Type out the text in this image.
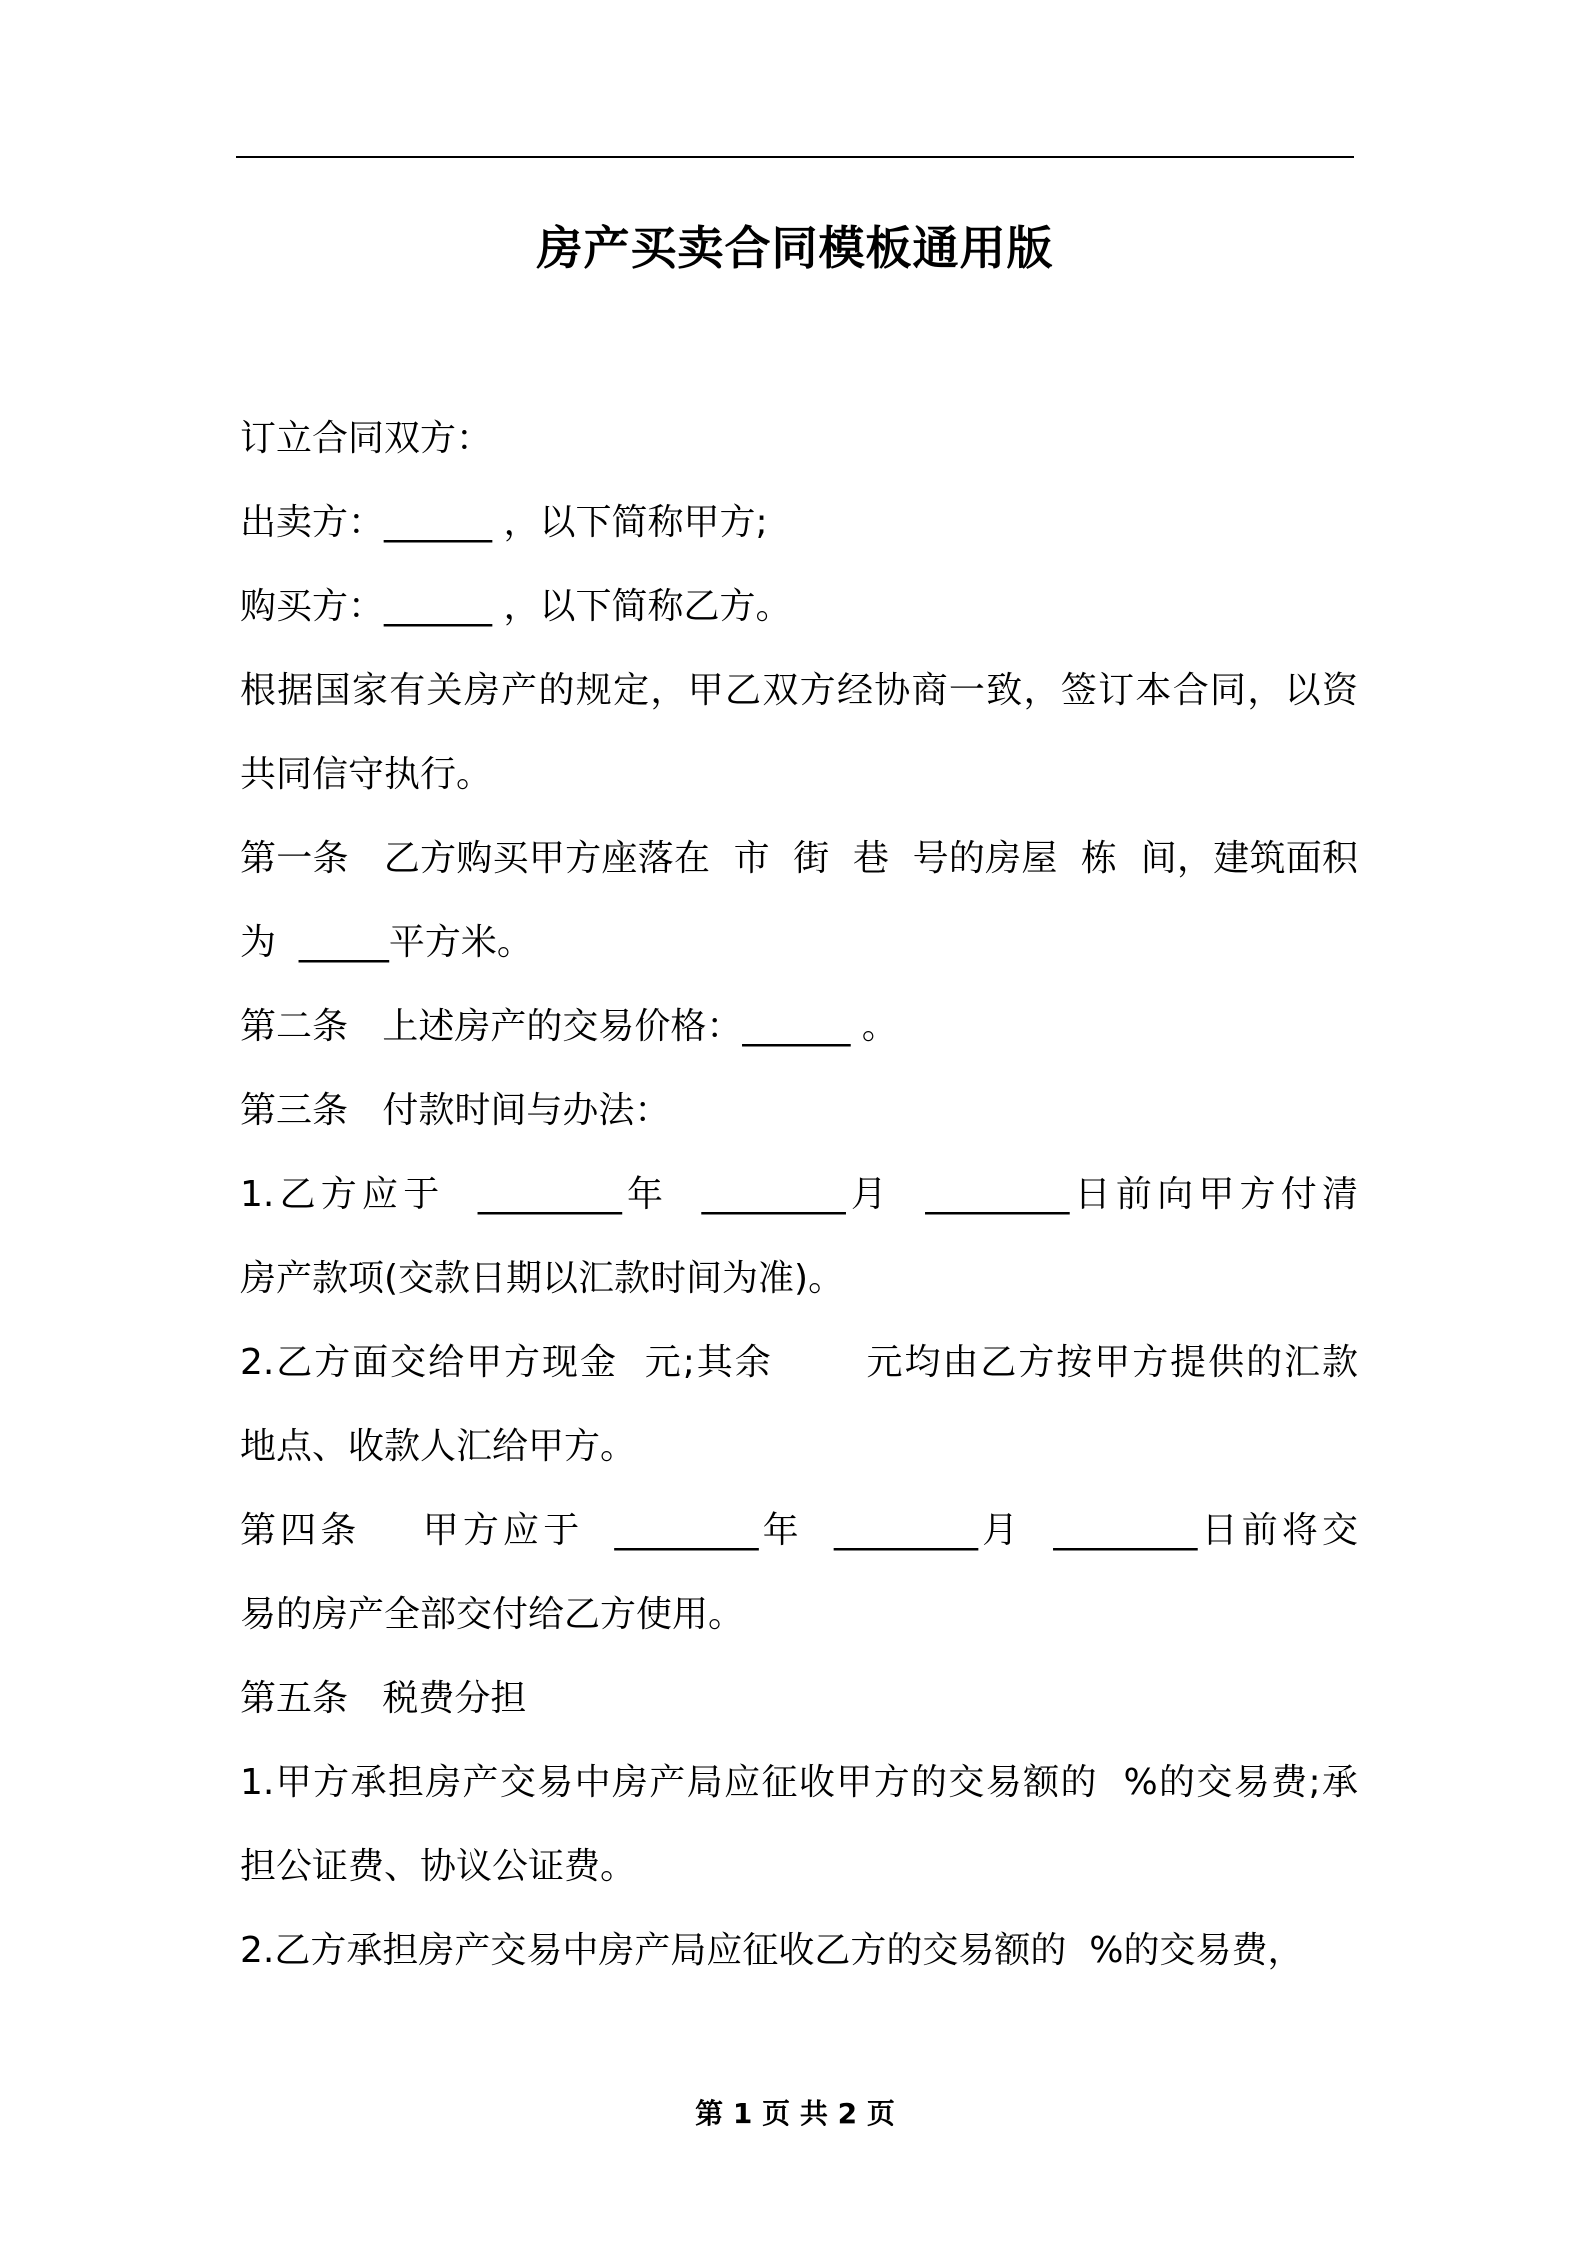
房产买卖合同模板通用版
订立合同双方：
出卖方：______ ，以下简称甲方;
购买方：______ ，以下简称乙方。
根据国家有关房产的规定，甲乙双方经协商一致，签订本合同，以资
共同信守执行。
第一条   乙方购买甲方座落在  市  街  巷  号的房屋  栋  间，建筑面积
为  _____平方米。
第二条   上述房产的交易价格：______ 。
第三条   付款时间与办法：
1.乙方应于  ________年  ________月  ________日前向甲方付清
房产款项(交款日期以汇款时间为准)。
2.乙方面交给甲方现金  元;其余       元均由乙方按甲方提供的汇款
地点、收款人汇给甲方。
第四条    甲方应于  ________年  ________月  ________日前将交
易的房产全部交付给乙方使用。
第五条   税费分担
1.甲方承担房产交易中房产局应征收甲方的交易额的  %的交易费;承
担公证费、协议公证费。
2.乙方承担房产交易中房产局应征收乙方的交易额的  %的交易费，
第 1 页 共 2 页
